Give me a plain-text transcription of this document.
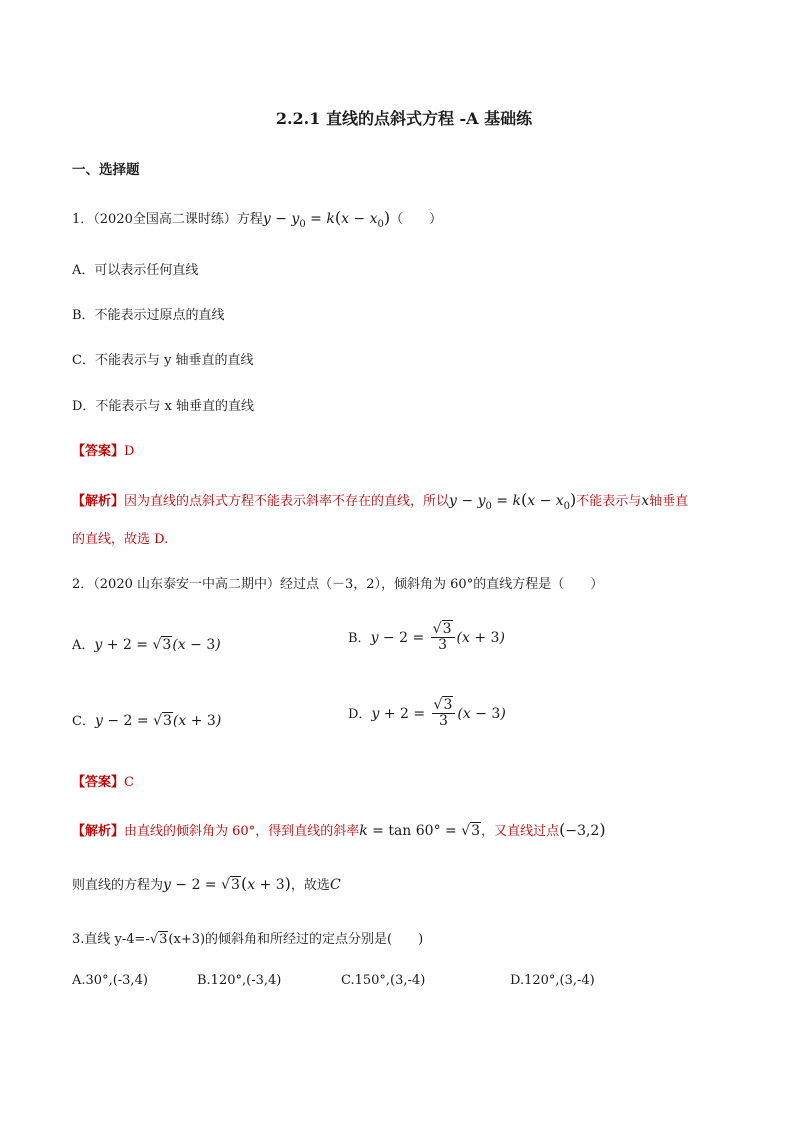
2.2.1 直线的点斜式方程 -A 基础练
一、选择题
1．（2020全国高二课时练）方程$y - y_0 = k(x - x_0)$（　　）
A．可以表示任何直线
B．不能表示过原点的直线
C．不能表示与 y 轴垂直的直线
D．不能表示与 x 轴垂直的直线
【答案】D
【解析】因为直线的点斜式方程不能表示斜率不存在的直线，所以$y - y_0 = k(x - x_0)$不能表示与x轴垂直
的直线，故选 D.
2．（2020 山东泰安一中高二期中）经过点（－3，2），倾斜角为 60°的直线方程是（　　）
A．y + 2 = √3(x − 3)	B．$y - 2 = \frac{√3}{3} (x + 3)$
C．y − 2 = √3(x + 3)	D．$y + 2 = \frac{√3}{3} (x - 3)$
【答案】C
【解析】由直线的倾斜角为 60°，得到直线的斜率k = tan 60° = √3，又直线过点(−3,2)
则直线的方程为y − 2 = √3(x + 3)，故选C
3.直线 y-4=-√3(x+3)的倾斜角和所经过的定点分别是(　　)
A.30°,(-3,4)	B.120°,(-3,4)	C.150°,(3,-4)	D.120°,(3,-4)
